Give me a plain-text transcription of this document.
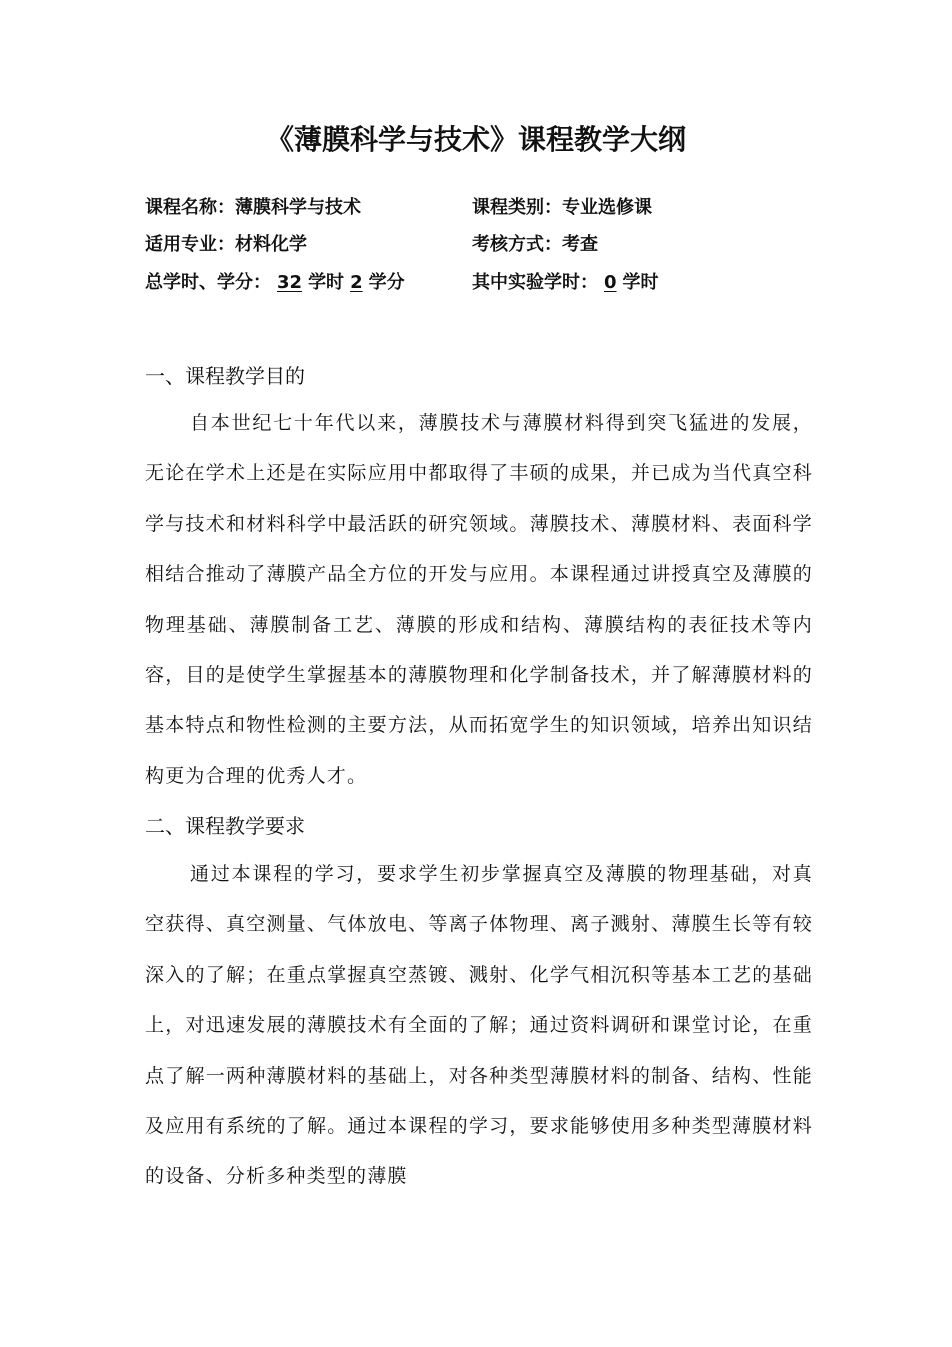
《薄膜科学与技术》课程教学大纲
课程名称：薄膜科学与技术	课程类别：专业选修课
适用专业：材料化学	考核方式：考查
总学时、学分： 32 学时 2 学分	其中实验学时： 0 学时
一、课程教学目的
自本世纪七十年代以来，薄膜技术与薄膜材料得到突飞猛进的发展，无论在学术上还是在实际应用中都取得了丰硕的成果，并已成为当代真空科学与技术和材料科学中最活跃的研究领域。薄膜技术、薄膜材料、表面科学相结合推动了薄膜产品全方位的开发与应用。本课程通过讲授真空及薄膜的物理基础、薄膜制备工艺、薄膜的形成和结构、薄膜结构的表征技术等内容，目的是使学生掌握基本的薄膜物理和化学制备技术，并了解薄膜材料的基本特点和物性检测的主要方法，从而拓宽学生的知识领域，培养出知识结构更为合理的优秀人才。
二、课程教学要求
通过本课程的学习，要求学生初步掌握真空及薄膜的物理基础，对真空获得、真空测量、气体放电、等离子体物理、离子溅射、薄膜生长等有较深入的了解；在重点掌握真空蒸镀、溅射、化学气相沉积等基本工艺的基础上，对迅速发展的薄膜技术有全面的了解；通过资料调研和课堂讨论，在重点了解一两种薄膜材料的基础上，对各种类型薄膜材料的制备、结构、性能及应用有系统的了解。通过本课程的学习，要求能够使用多种类型薄膜材料的设备、分析多种类型的薄膜
